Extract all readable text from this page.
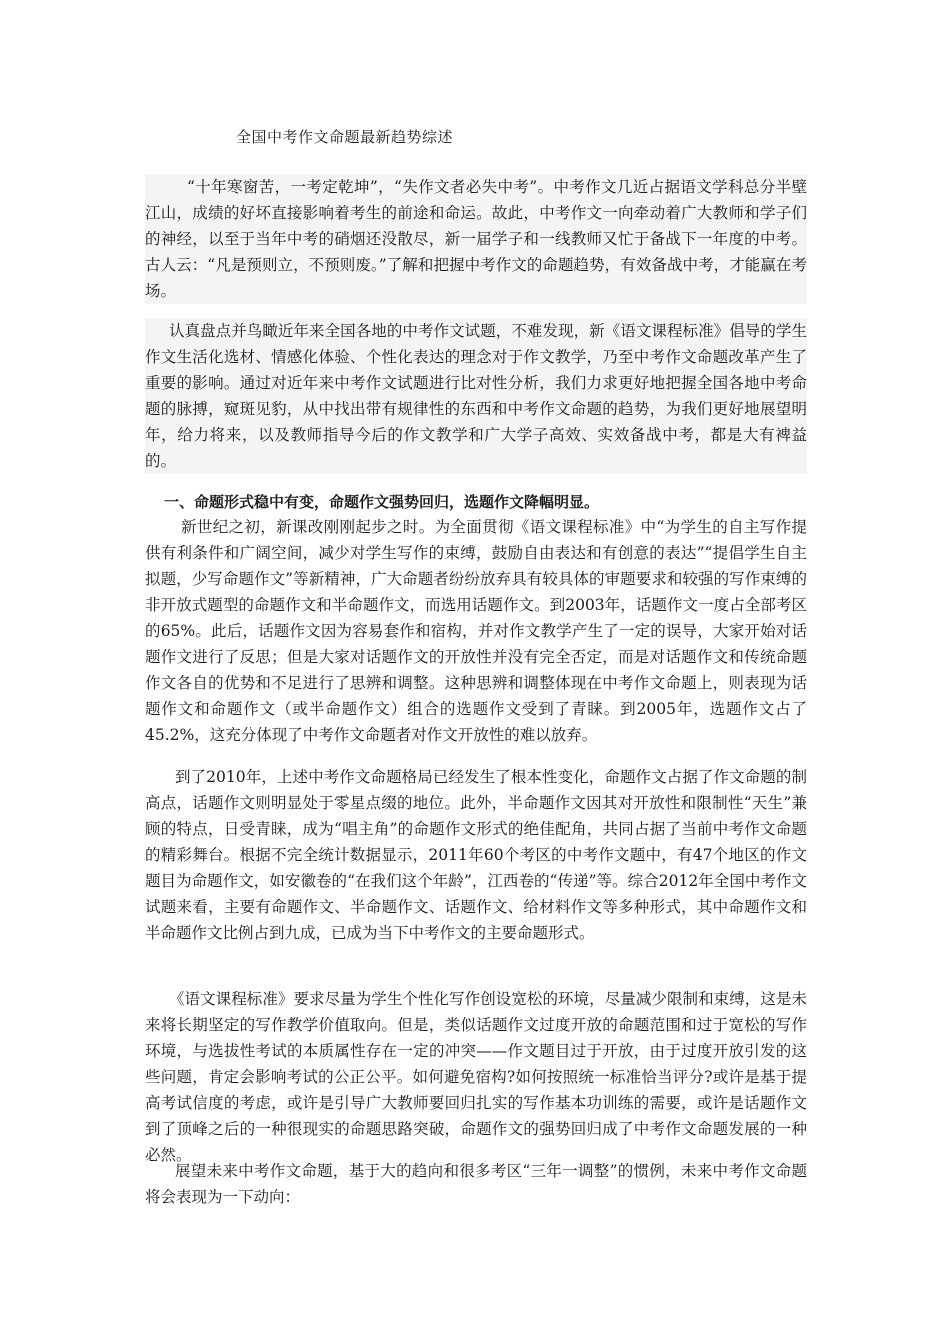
全国中考作文命题最新趋势综述

“十年寒窗苦，一考定乾坤”，“失作文者必失中考”。中考作文几近占据语文学科总分半壁江山，成绩的好坏直接影响着考生的前途和命运。故此，中考作文一向牵动着广大教师和学子们的神经，以至于当年中考的硝烟还没散尽，新一届学子和一线教师又忙于备战下一年度的中考。古人云：“凡是预则立，不预则废。”了解和把握中考作文的命题趋势，有效备战中考，才能赢在考场。

认真盘点并鸟瞰近年来全国各地的中考作文试题，不难发现，新《语文课程标准》倡导的学生作文生活化选材、情感化体验、个性化表达的理念对于作文教学，乃至中考作文命题改革产生了重要的影响。通过对近年来中考作文试题进行比对性分析，我们力求更好地把握全国各地中考命题的脉搏，窥斑见豹，从中找出带有规律性的东西和中考作文命题的趋势，为我们更好地展望明年，给力将来，以及教师指导今后的作文教学和广大学子高效、实效备战中考，都是大有裨益的。

一、命题形式稳中有变，命题作文强势回归，选题作文降幅明显。

新世纪之初，新课改刚刚起步之时。为全面贯彻《语文课程标准》中“为学生的自主写作提供有利条件和广阔空间，减少对学生写作的束缚，鼓励自由表达和有创意的表达”“提倡学生自主拟题，少写命题作文”等新精神，广大命题者纷纷放弃具有较具体的审题要求和较强的写作束缚的非开放式题型的命题作文和半命题作文，而选用话题作文。到2003年，话题作文一度占全部考区的65%。此后，话题作文因为容易套作和宿构，并对作文教学产生了一定的误导，大家开始对话题作文进行了反思；但是大家对话题作文的开放性并没有完全否定，而是对话题作文和传统命题作文各自的优势和不足进行了思辨和调整。这种思辨和调整体现在中考作文命题上，则表现为话题作文和命题作文（或半命题作文）组合的选题作文受到了青睐。到2005年，选题作文占了45.2%，这充分体现了中考作文命题者对作文开放性的难以放弃。

到了2010年，上述中考作文命题格局已经发生了根本性变化，命题作文占据了作文命题的制高点，话题作文则明显处于零星点缀的地位。此外，半命题作文因其对开放性和限制性“天生”兼顾的特点，日受青睐，成为“唱主角”的命题作文形式的绝佳配角，共同占据了当前中考作文命题的精彩舞台。根据不完全统计数据显示，2011年60个考区的中考作文题中，有47个地区的作文题目为命题作文，如安徽卷的“在我们这个年龄”，江西卷的“传递”等。综合2012年全国中考作文试题来看，主要有命题作文、半命题作文、话题作文、给材料作文等多种形式，其中命题作文和半命题作文比例占到九成，已成为当下中考作文的主要命题形式。

《语文课程标准》要求尽量为学生个性化写作创设宽松的环境，尽量减少限制和束缚，这是未来将长期坚定的写作教学价值取向。但是，类似话题作文过度开放的命题范围和过于宽松的写作环境，与选拔性考试的本质属性存在一定的冲突——作文题目过于开放，由于过度开放引发的这些问题，肯定会影响考试的公正公平。如何避免宿构?如何按照统一标准恰当评分?或许是基于提高考试信度的考虑，或许是引导广大教师要回归扎实的写作基本功训练的需要，或许是话题作文到了顶峰之后的一种很现实的命题思路突破，命题作文的强势回归成了中考作文命题发展的一种必然。

展望未来中考作文命题，基于大的趋向和很多考区“三年一调整”的惯例，未来中考作文命题将会表现为一下动向：
